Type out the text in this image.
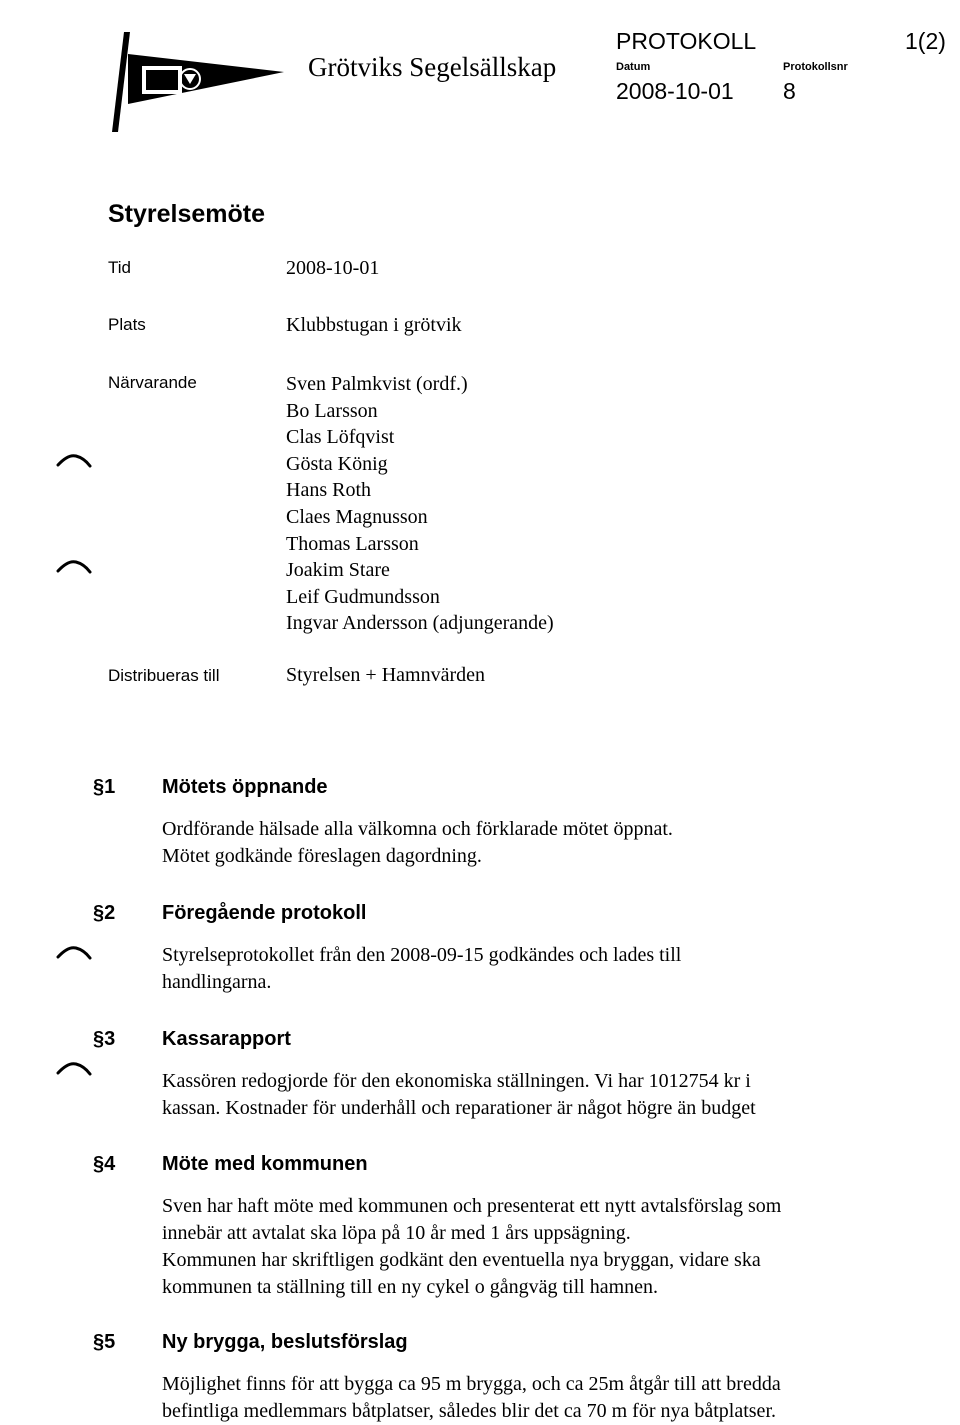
Grötviks Segelsällskap
PROTOKOLL	1(2)
Datum	Protokollsnr
2008-10-01 8
Styrelsemöte
Tid	2008-10-01
Plats	Klubbstugan i grötvik
Närvarande	Sven Palmkvist (ordf.)
Bo Larsson
Clas Löfqvist
Gösta König
Hans Roth
Claes Magnusson
Thomas Larsson
Joakim Stare
Leif Gudmundsson
Ingvar Andersson (adjungerande)
Distribueras till	Styrelsen + Hamnvärden
§1 Mötets öppnande
Ordförande hälsade alla välkomna och förklarade mötet öppnat.
Mötet godkände föreslagen dagordning.
§2 Föregående protokoll
Styrelseprotokollet från den 2008-09-15 godkändes och lades till
handlingarna.
§3 Kassarapport
Kassören redogjorde för den ekonomiska ställningen. Vi har 1012754 kr i
kassan. Kostnader för underhåll och reparationer är något högre än budget
§4 Möte med kommunen
Sven har haft möte med kommunen och presenterat ett nytt avtalsförslag som
innebär att avtalat ska löpa på 10 år med 1 års uppsägning.
Kommunen har skriftligen godkänt den eventuella nya bryggan, vidare ska
kommunen ta ställning till en ny cykel o gångväg till hamnen.
§5 Ny brygga, beslutsförslag
Möjlighet finns för att bygga ca 95 m brygga, och ca 25m åtgår till att bredda
befintliga medlemmars båtplatser, således blir det ca 70 m för nya båtplatser.
